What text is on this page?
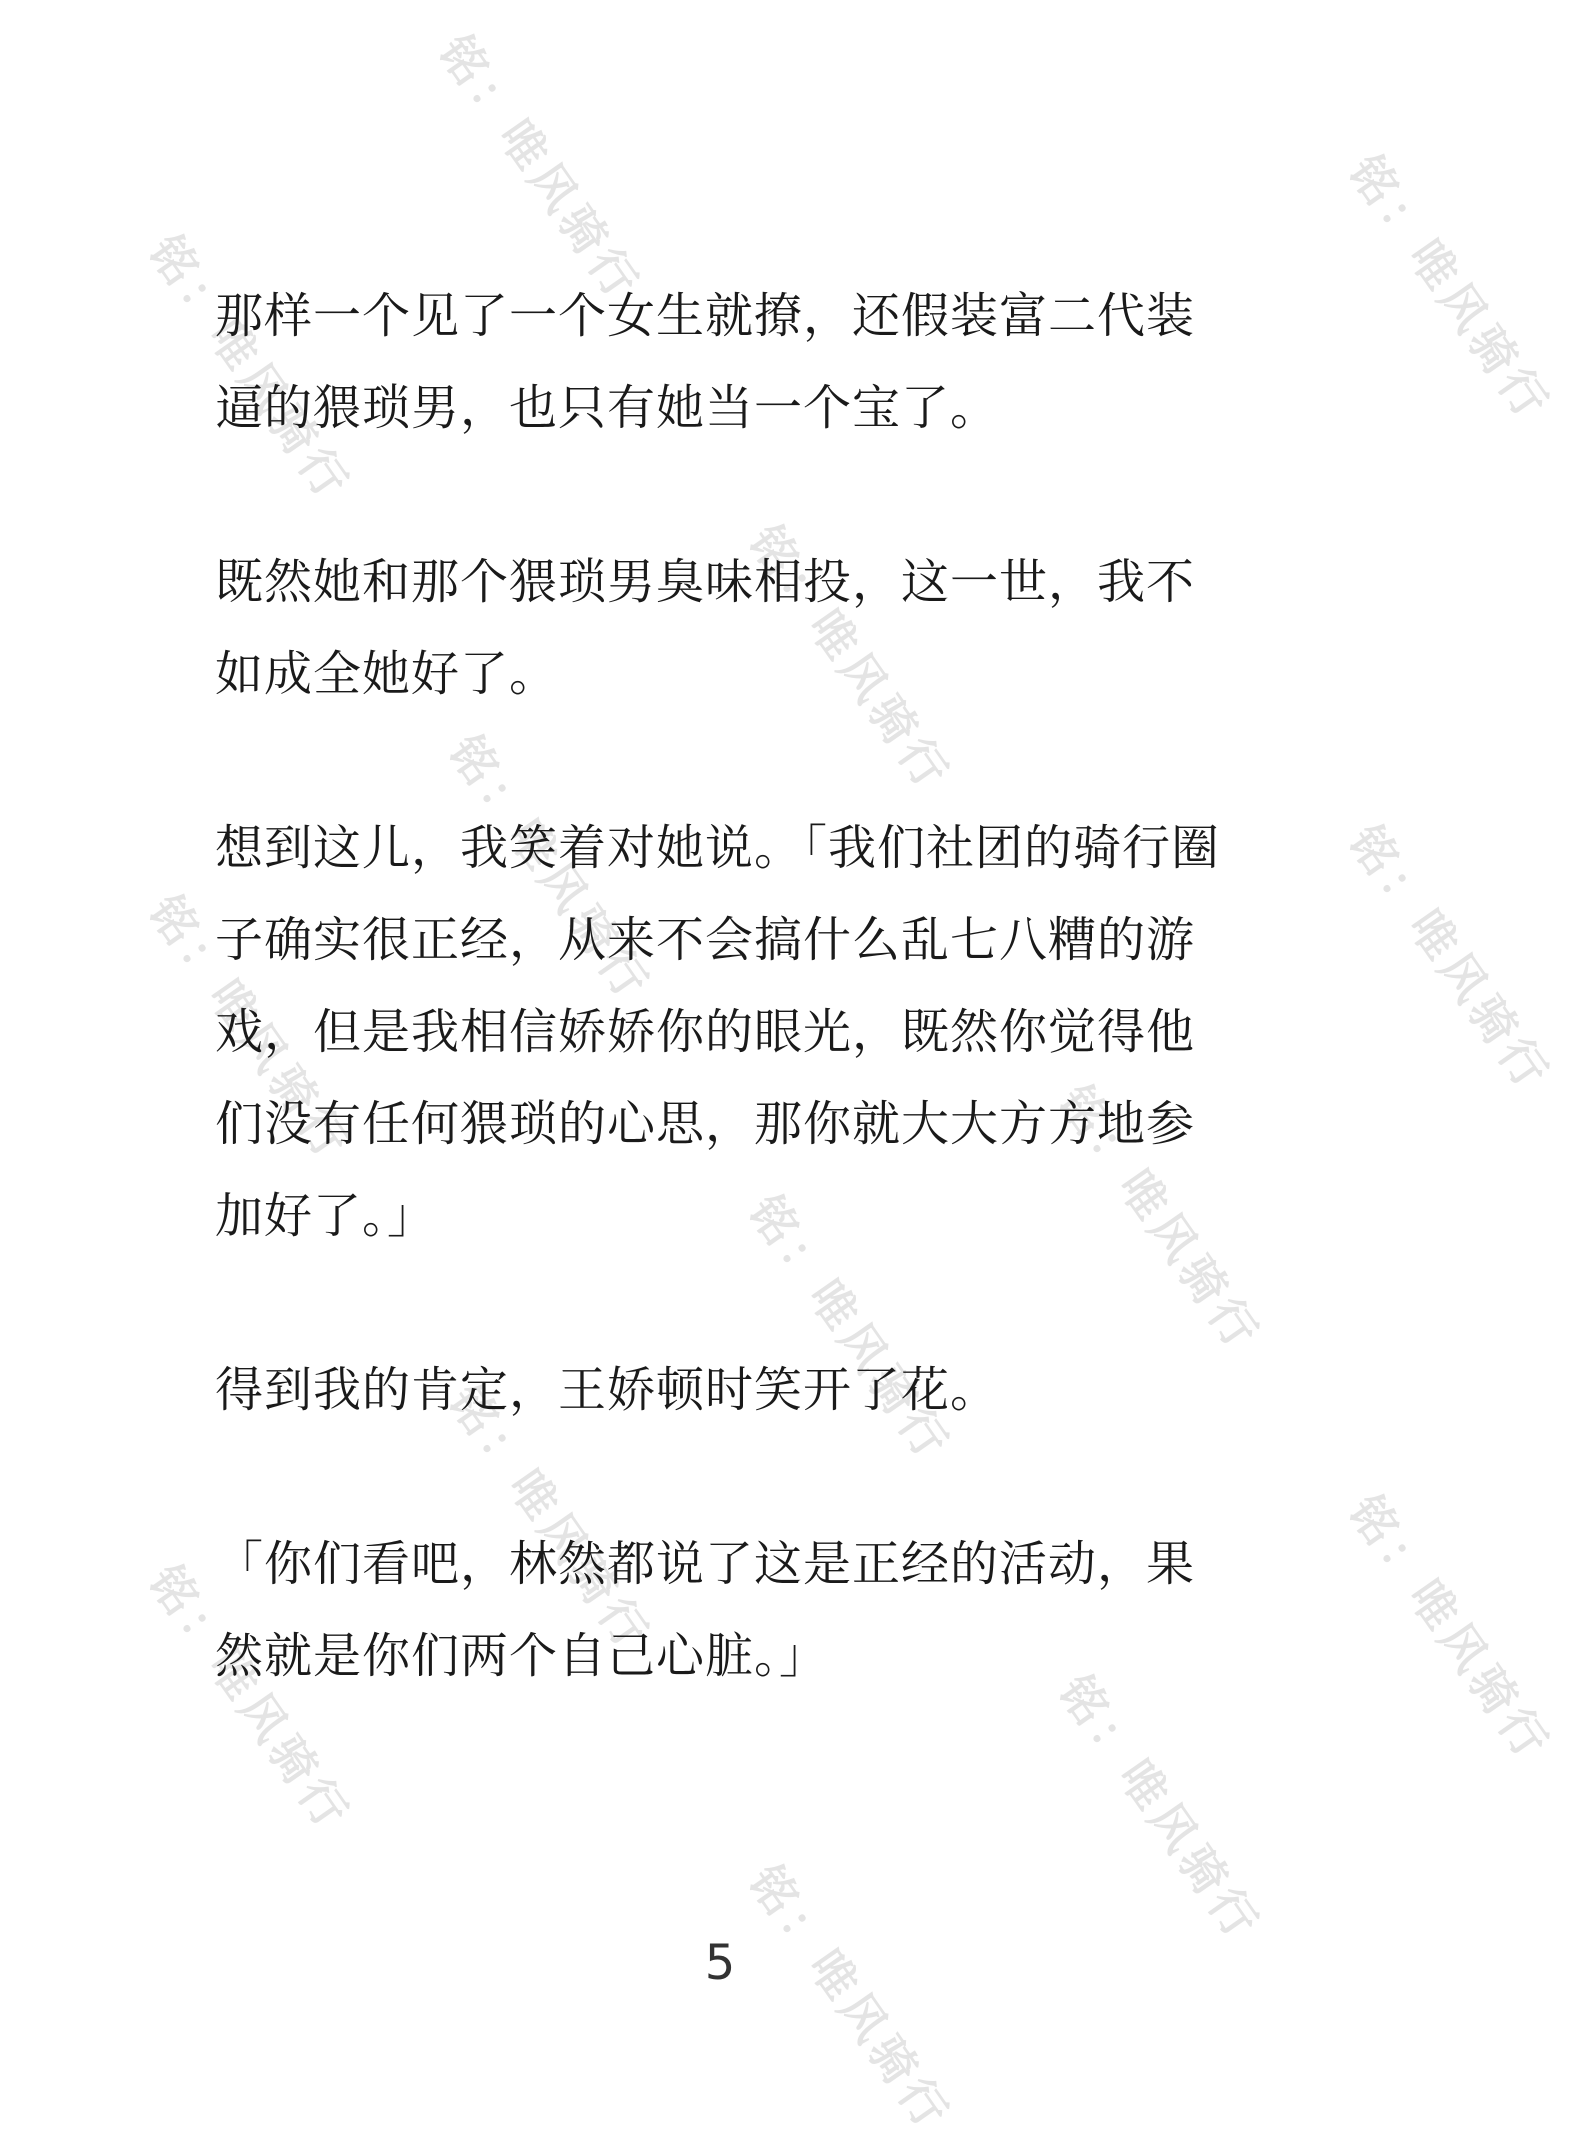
铭：唯风骑行
铭：唯风骑行	铭：唯风骑行
铭：唯风骑行
铭：唯风骑行
铭：唯风骑行	铭：唯风骑行
铭：唯风骑行
铭：唯风骑行
铭：唯风骑行	铭：唯风骑行
铭：唯风骑行	铭：唯风骑行
铭：唯风骑行

那样一个见了一个女生就撩，还假装富二代装逼的猥琐男，也只有她当一个宝了。

既然她和那个猥琐男臭味相投，这一世，我不如成全她好了。

想到这儿，我笑着对她说。「我们社团的骑行圈子确实很正经，从来不会搞什么乱七八糟的游戏，但是我相信娇娇你的眼光，既然你觉得他们没有任何猥琐的心思，那你就大大方方地参加好了。」

得到我的肯定，王娇顿时笑开了花。

「你们看吧，林然都说了这是正经的活动，果然就是你们两个自己心脏。」

5
